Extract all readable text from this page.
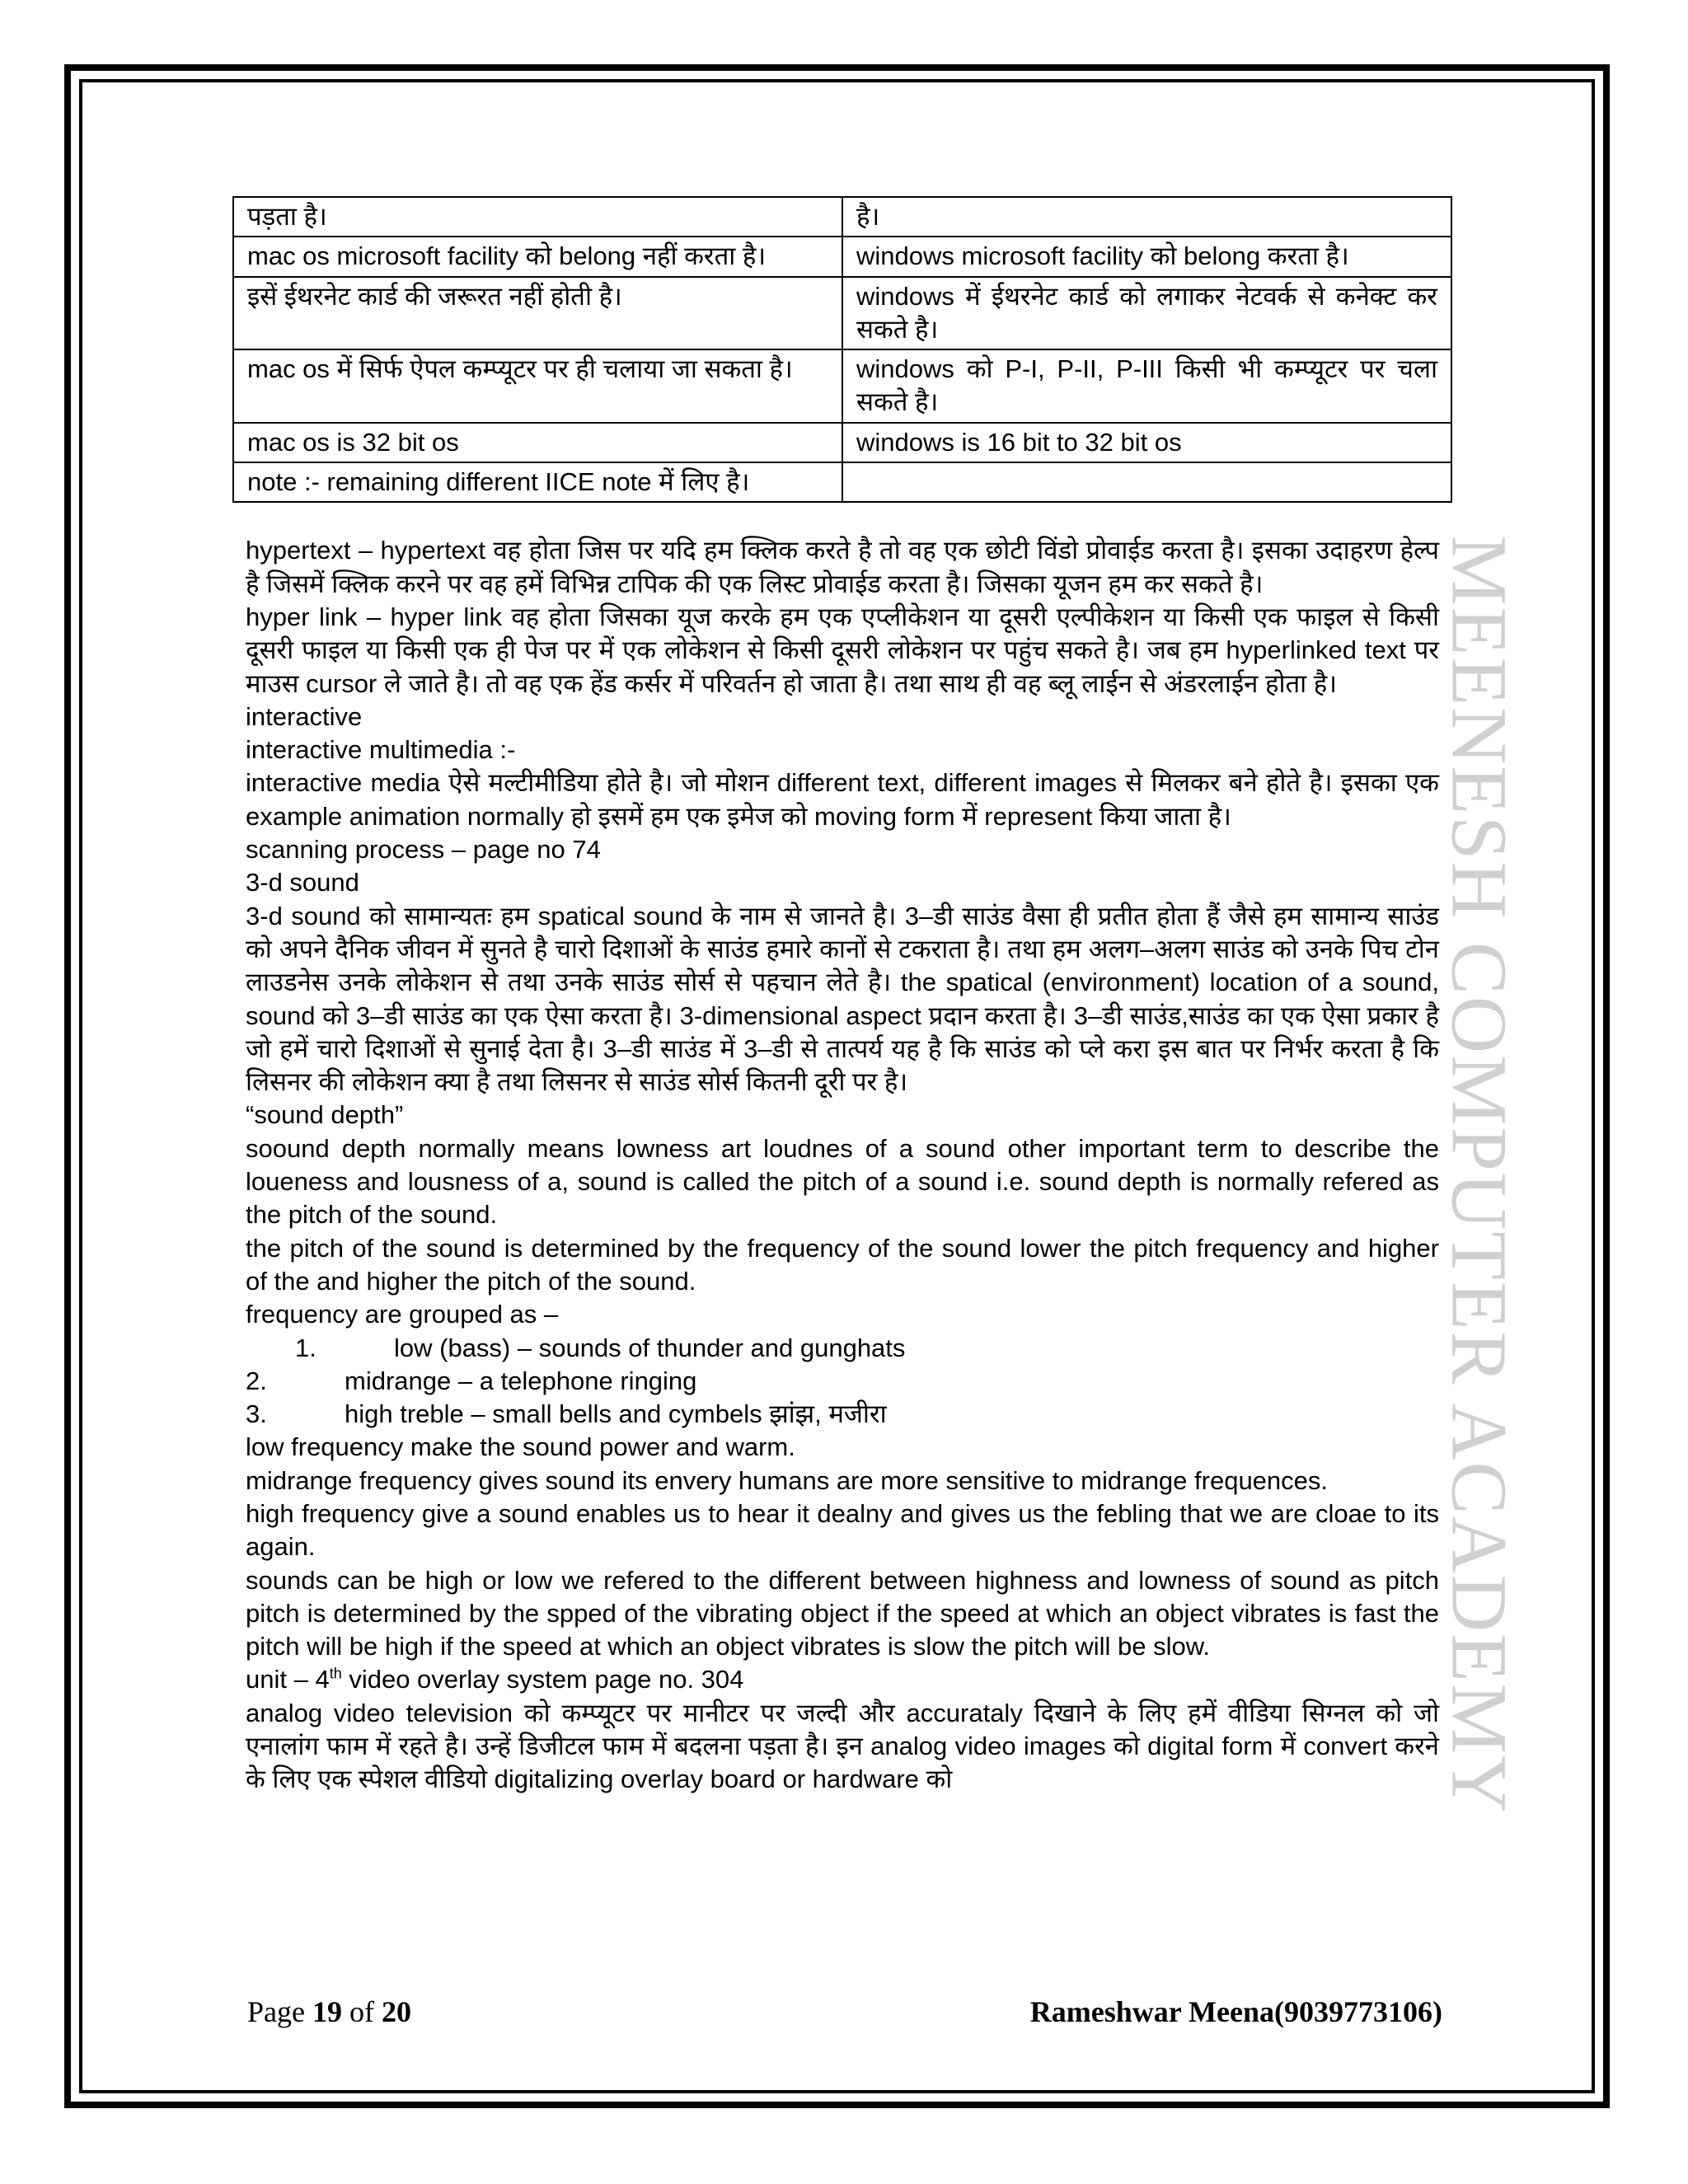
MEENESH COMPUTER ACADEMY
पड़ता है।	है।
mac os microsoft facility को belong नहीं करता है।	windows microsoft facility को belong करता है।
इसें ईथरनेट कार्ड की जरूरत नहीं होती है।	windows में ईथरनेट कार्ड को लगाकर नेटवर्क से कनेक्ट कर सकते है।
mac os में सिर्फ ऐपल कम्प्यूटर पर ही चलाया जा सकता है।	windows को P-I, P-II, P-III किसी भी कम्प्यूटर पर चला सकते है।
mac os is 32 bit os	windows is 16 bit to 32 bit os
note :- remaining different IICE note में लिए है।	

hypertext – hypertext वह होता जिस पर यदि हम क्लिक करते है तो वह एक छोटी विंडो प्रोवाईड करता है। इसका उदाहरण हेल्प है जिसमें क्लिक करने पर वह हमें विभिन्न टापिक की एक लिस्ट प्रोवाईड करता है। जिसका यूजन हम कर सकते है।

hyper link – hyper link वह होता जिसका यूज करके हम एक एप्लीकेशन या दूसरी एल्पीकेशन या किसी एक फाइल से किसी दूसरी फाइल या किसी एक ही पेज पर में एक लोकेशन से किसी दूसरी लोकेशन पर पहुंच सकते है। जब हम hyperlinked text पर माउस cursor ले जाते है। तो वह एक हेंड कर्सर में परिवर्तन हो जाता है। तथा साथ ही वह ब्लू लाईन से अंडरलाईन होता है।

interactive

interactive multimedia :-

interactive media ऐसे मल्टीमीडिया होते है। जो मोशन different text, different images से मिलकर बने होते है। इसका एक example animation normally हो इसमें हम एक इमेज को moving form में represent किया जाता है।

scanning process – page no 74

3-d sound

3-d sound को सामान्यतः हम spatical sound के नाम से जानते है। 3–डी साउंड वैसा ही प्रतीत होता हैं जैसे हम सामान्य साउंड को अपने दैनिक जीवन में सुनते है चारो दिशाओं के साउंड हमारे कानों से टकराता है। तथा हम अलग–अलग साउंड को उनके पिच टोन लाउडनेस उनके लोकेशन से तथा उनके साउंड सोर्स से पहचान लेते है। the spatical (environment) location of a sound, sound को 3–डी साउंड का एक ऐसा करता है। 3-dimensional aspect प्रदान करता है। 3–डी साउंड,साउंड का एक ऐसा प्रकार है जो हमें चारो दिशाओं से सुनाई देता है। 3–डी साउंड में 3–डी से तात्पर्य यह है कि साउंड को प्ले करा इस बात पर निर्भर करता है कि लिसनर की लोकेशन क्या है तथा लिसनर से साउंड सोर्स कितनी दूरी पर है।

“sound depth”

soound depth normally means lowness art loudnes of a sound other important term to describe the loueness and lousness of a, sound is called the pitch of a sound i.e. sound depth is normally refered as the pitch of the sound.

the pitch of the sound is determined by the frequency of the sound lower the pitch frequency and higher of the and higher the pitch of the sound.

frequency are grouped as –

1.	low (bass) – sounds of thunder and gunghats
2.	midrange – a telephone ringing
3.	high treble – small bells and cymbels झांझ, मजीरा

low frequency make the sound power and warm.

midrange frequency gives sound its envery humans are more sensitive to midrange frequences.

high frequency give a sound enables us to hear it dealny and gives us the febling that we are cloae to its again.

sounds can be high or low we refered to the different between highness and lowness of sound as pitch pitch is determined by the spped of the vibrating object if the speed at which an object vibrates is fast the pitch will be high if the speed at which an object vibrates is slow the pitch will be slow.

unit – 4th video overlay system page no. 304

analog video television को कम्प्यूटर पर मानीटर पर जल्दी और accurataly दिखाने के लिए हमें वीडिया सिग्नल को जो एनालांग फाम में रहते है। उन्हें डिजीटल फाम में बदलना पड़ता है। इन analog video images को digital form में convert करने के लिए एक स्पेशल वीडियो digitalizing overlay board or hardware को

Page 19 of 20	Rameshwar Meena(9039773106)
